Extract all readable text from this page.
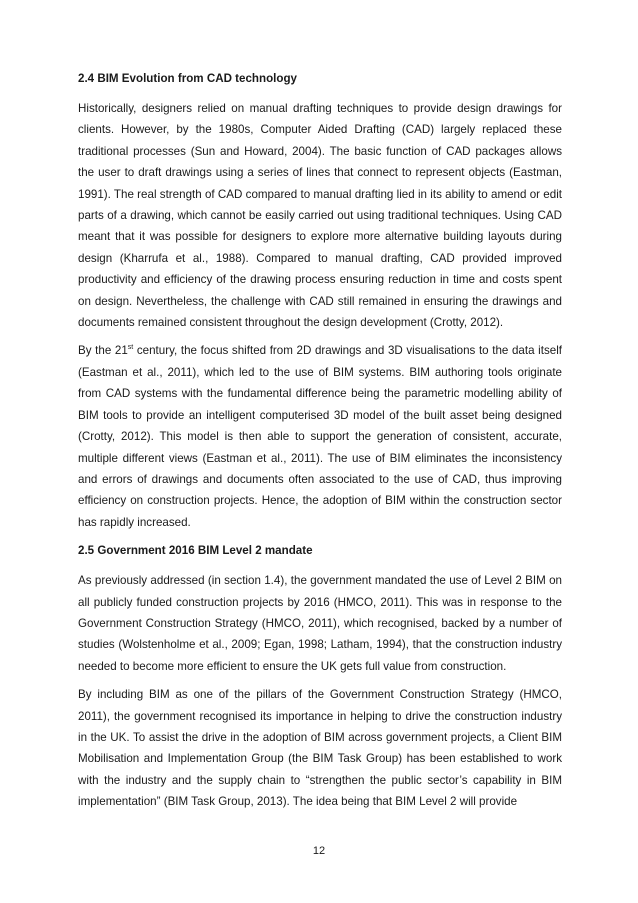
2.4 BIM Evolution from CAD technology

Historically, designers relied on manual drafting techniques to provide design drawings for clients. However, by the 1980s, Computer Aided Drafting (CAD) largely replaced these traditional processes (Sun and Howard, 2004). The basic function of CAD packages allows the user to draft drawings using a series of lines that connect to represent objects (Eastman, 1991). The real strength of CAD compared to manual drafting lied in its ability to amend or edit parts of a drawing, which cannot be easily carried out using traditional techniques. Using CAD meant that it was possible for designers to explore more alternative building layouts during design (Kharrufa et al., 1988). Compared to manual drafting, CAD provided improved productivity and efficiency of the drawing process ensuring reduction in time and costs spent on design. Nevertheless, the challenge with CAD still remained in ensuring the drawings and documents remained consistent throughout the design development (Crotty, 2012).

By the 21st century, the focus shifted from 2D drawings and 3D visualisations to the data itself (Eastman et al., 2011), which led to the use of BIM systems. BIM authoring tools originate from CAD systems with the fundamental difference being the parametric modelling ability of BIM tools to provide an intelligent computerised 3D model of the built asset being designed (Crotty, 2012). This model is then able to support the generation of consistent, accurate, multiple different views (Eastman et al., 2011). The use of BIM eliminates the inconsistency and errors of drawings and documents often associated to the use of CAD, thus improving efficiency on construction projects. Hence, the adoption of BIM within the construction sector has rapidly increased.

2.5 Government 2016 BIM Level 2 mandate

As previously addressed (in section 1.4), the government mandated the use of Level 2 BIM on all publicly funded construction projects by 2016 (HMCO, 2011). This was in response to the Government Construction Strategy (HMCO, 2011), which recognised, backed by a number of studies (Wolstenholme et al., 2009; Egan, 1998; Latham, 1994), that the construction industry needed to become more efficient to ensure the UK gets full value from construction.

By including BIM as one of the pillars of the Government Construction Strategy (HMCO, 2011), the government recognised its importance in helping to drive the construction industry in the UK. To assist the drive in the adoption of BIM across government projects, a Client BIM Mobilisation and Implementation Group (the BIM Task Group) has been established to work with the industry and the supply chain to “strengthen the public sector’s capability in BIM implementation” (BIM Task Group, 2013). The idea being that BIM Level 2 will provide

12
